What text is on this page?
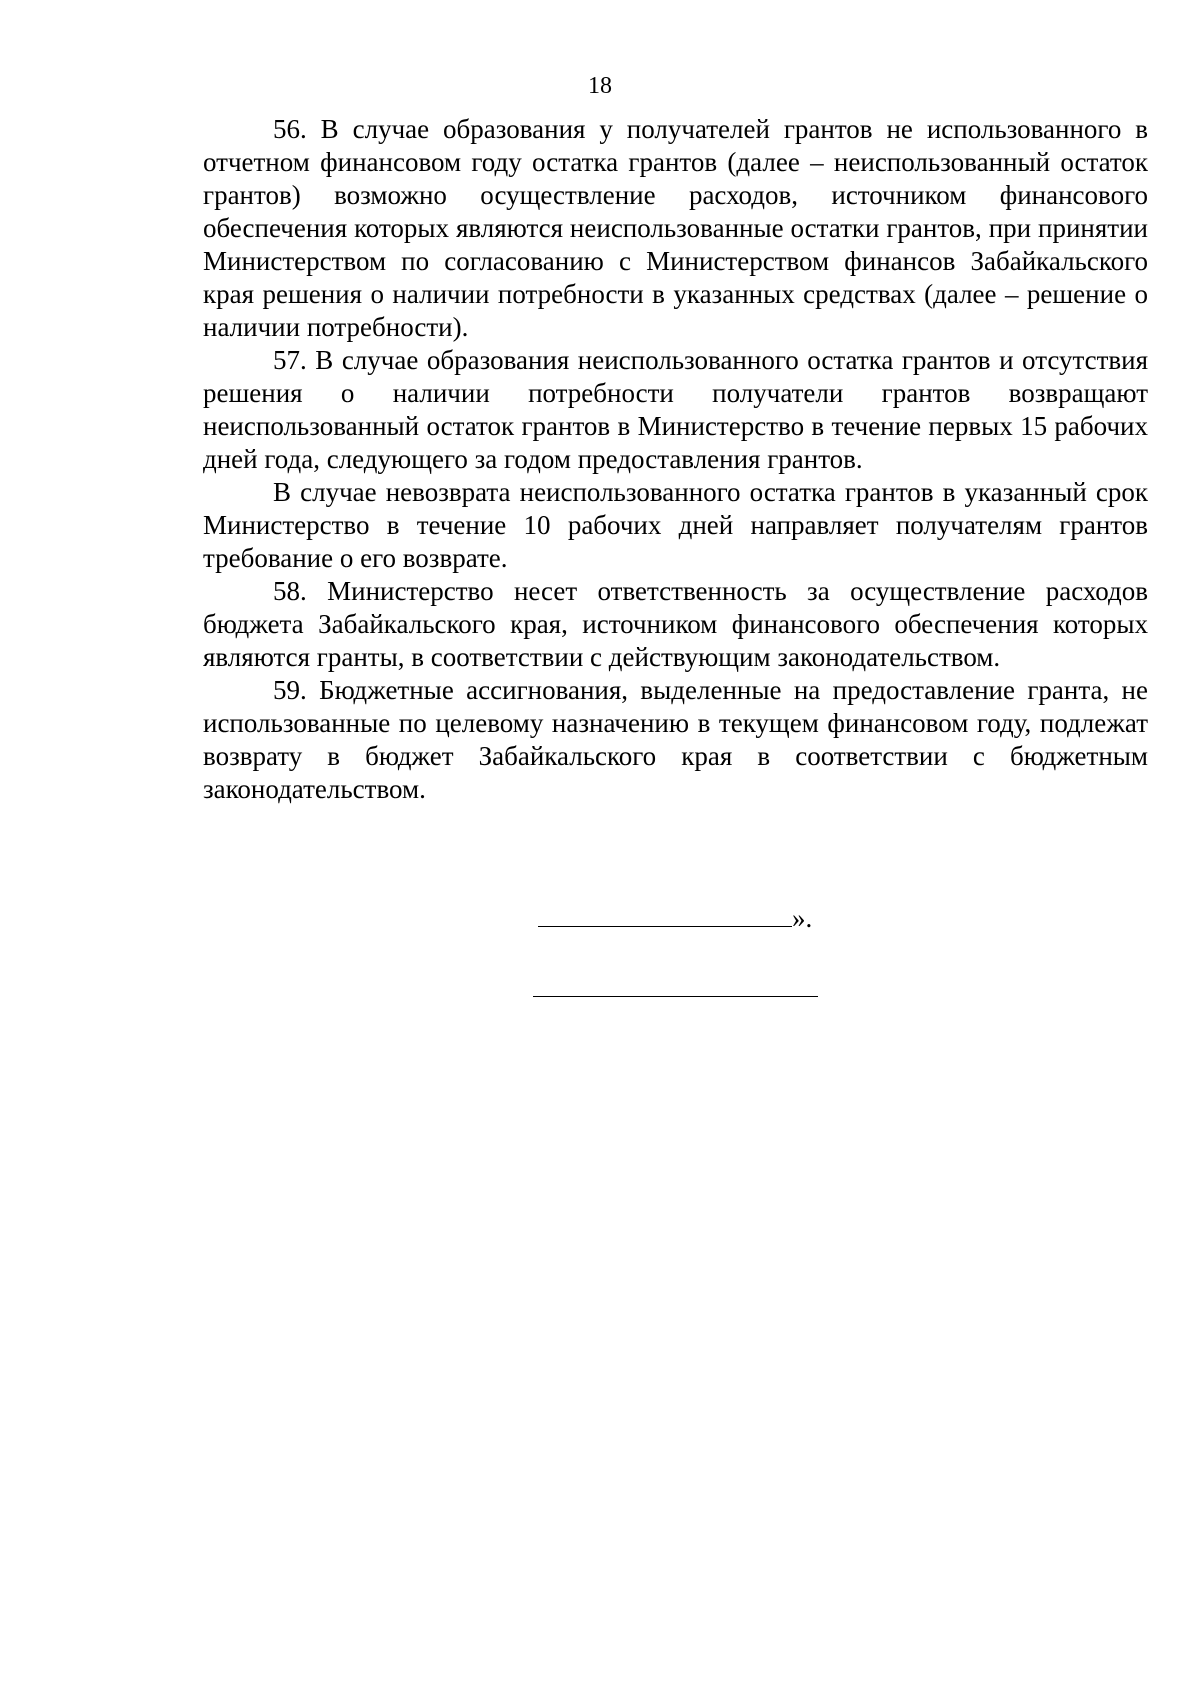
18

56. В случае образования у получателей грантов не использованного в отчетном финансовом году остатка грантов (далее – неиспользованный остаток грантов) возможно осуществление расходов, источником финансового обеспечения которых являются неиспользованные остатки грантов, при принятии Министерством по согласованию с Министерством финансов Забайкальского края решения о наличии потребности в указанных средствах (далее – решение о наличии потребности).

57. В случае образования неиспользованного остатка грантов и отсутствия решения о наличии потребности получатели грантов возвращают неиспользованный остаток грантов в Министерство в течение первых 15 рабочих дней года, следующего за годом предоставления грантов.

В случае невозврата неиспользованного остатка грантов в указанный срок Министерство в течение 10 рабочих дней направляет получателям грантов требование о его возврате.

58. Министерство несет ответственность за осуществление расходов бюджета Забайкальского края, источником финансового обеспечения которых являются гранты, в соответствии с действующим законодательством.

59. Бюджетные ассигнования, выделенные на предоставление гранта, не использованные по целевому назначению в текущем финансовом году, подлежат возврату в бюджет Забайкальского края в соответствии с бюджетным законодательством.

».
